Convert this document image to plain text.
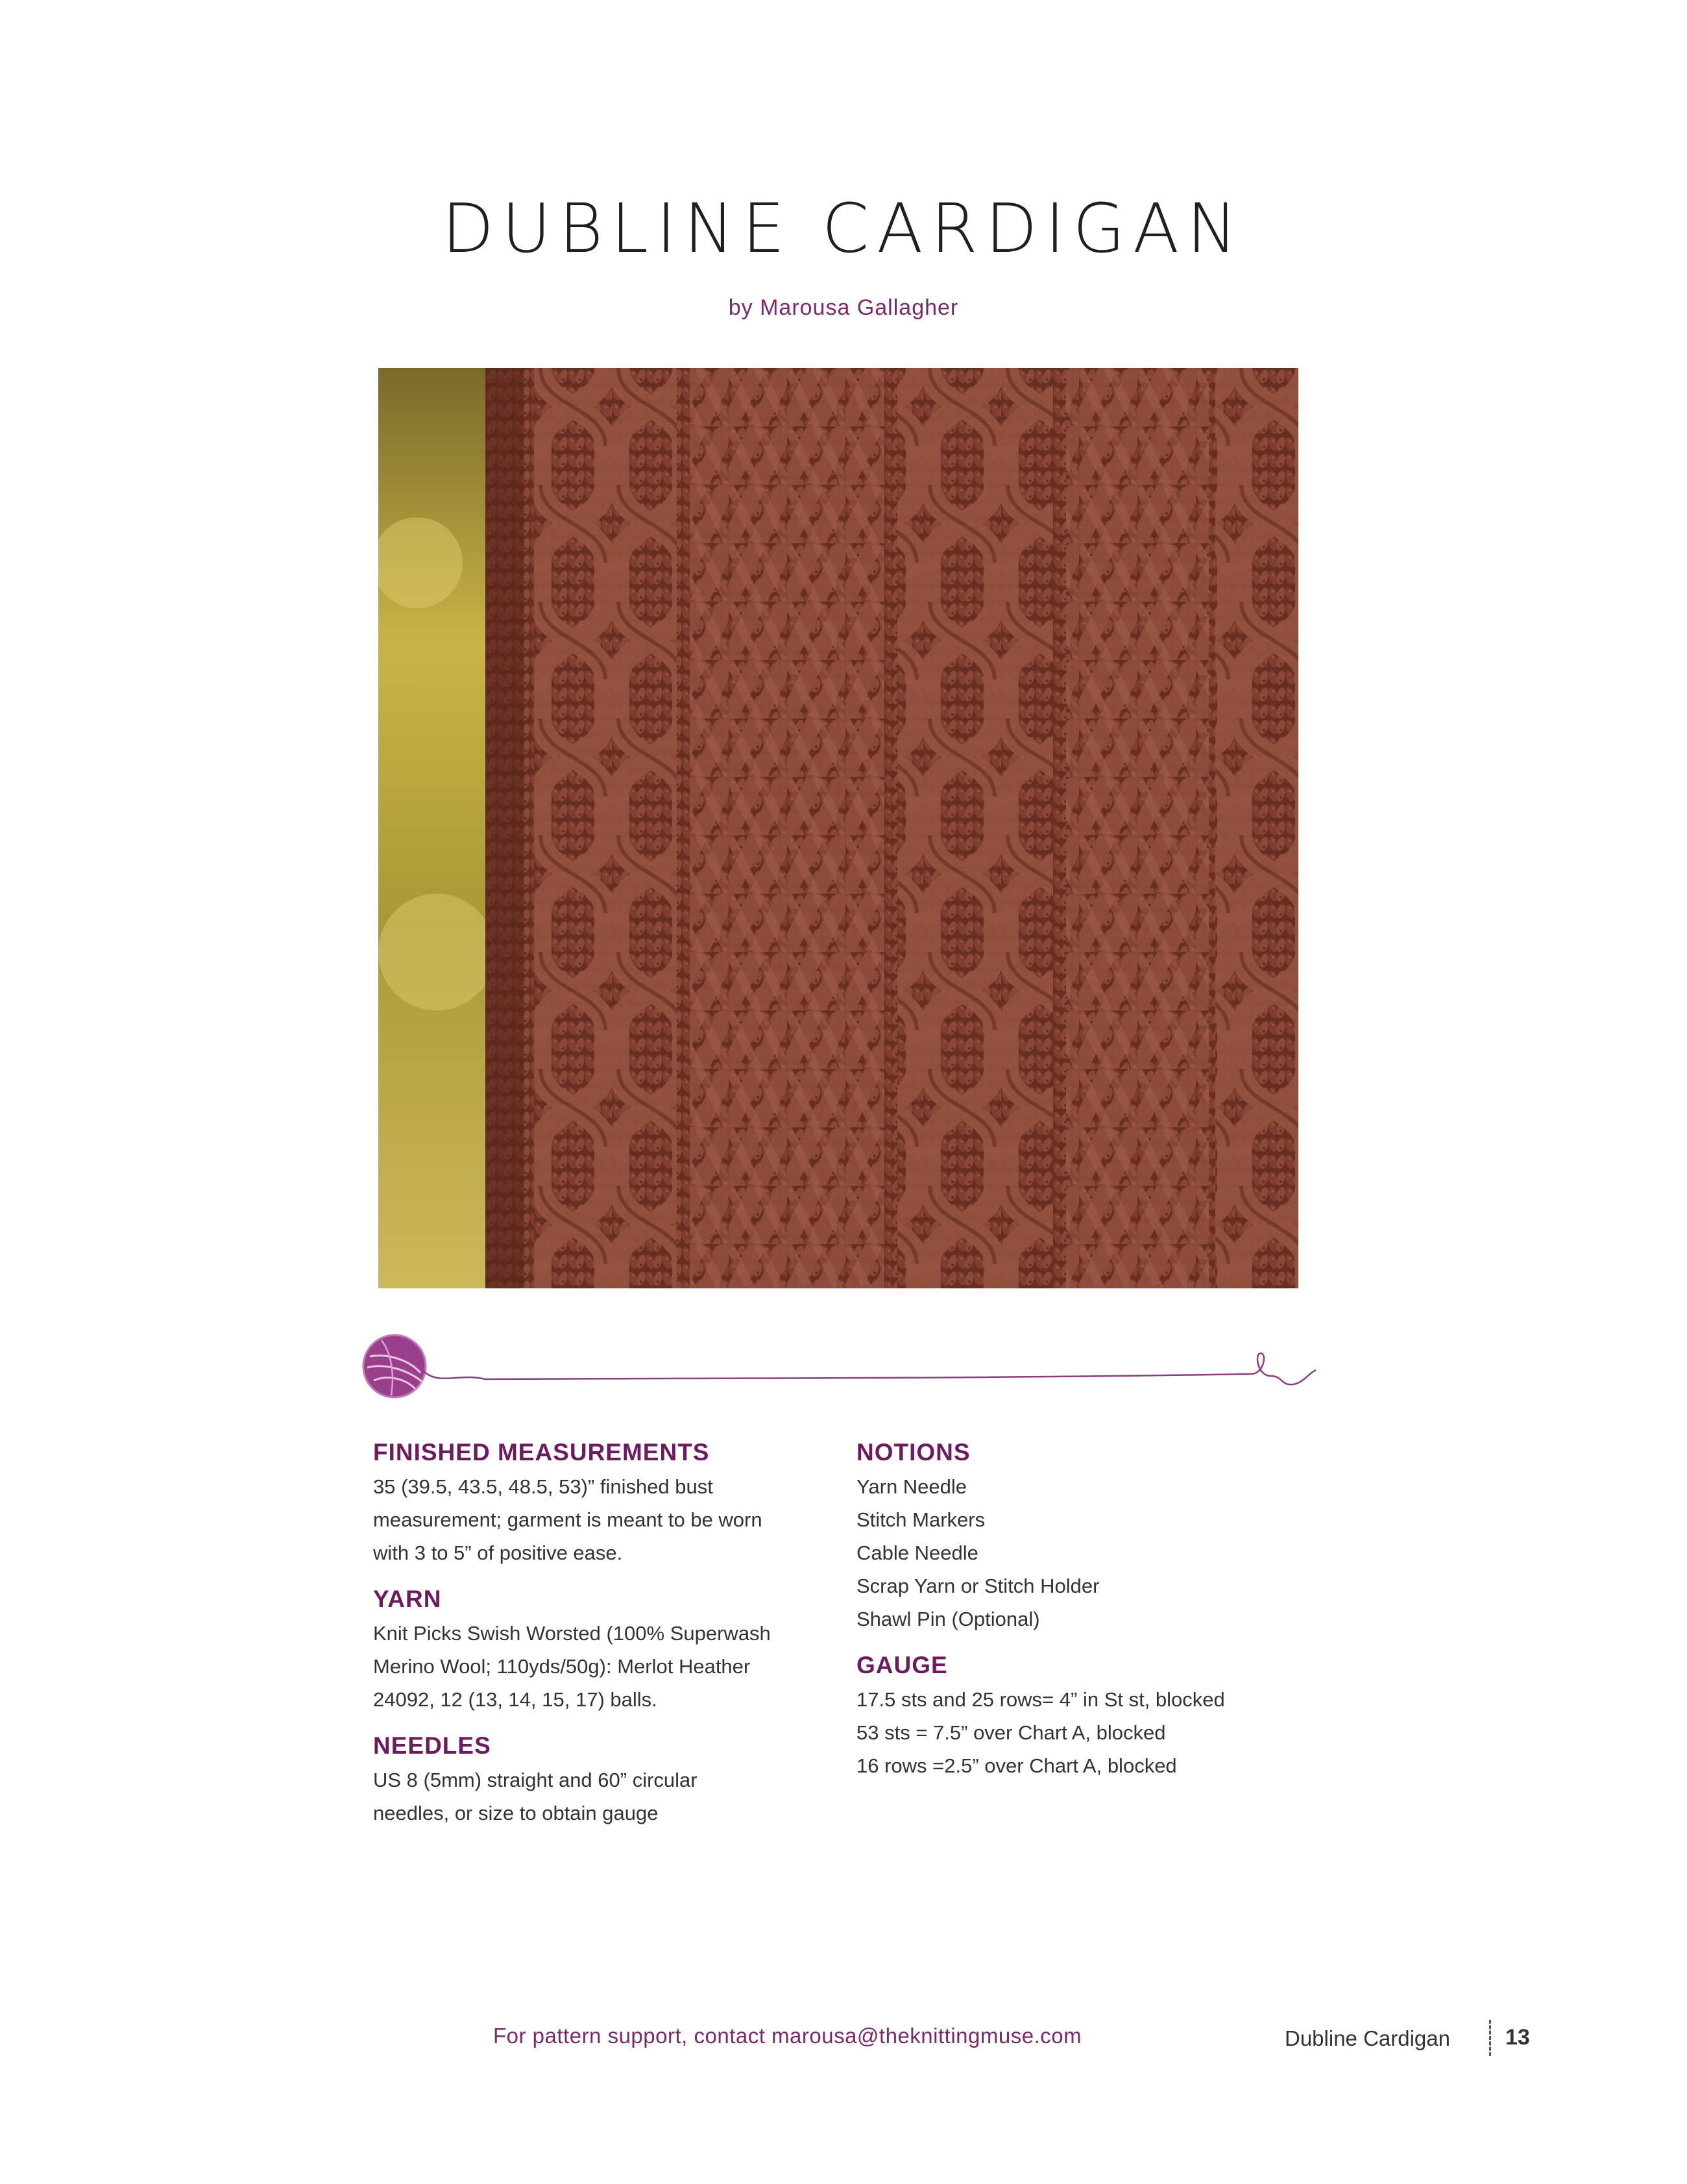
DUBLINE CARDIGAN
by Marousa Gallagher
FINISHED MEASUREMENTS
35 (39.5, 43.5, 48.5, 53)” finished bust
measurement; garment is meant to be worn
with 3 to 5” of positive ease.
YARN
Knit Picks Swish Worsted (100% Superwash
Merino Wool; 110yds/50g): Merlot Heather
24092, 12 (13, 14, 15, 17) balls.
NEEDLES
US 8 (5mm) straight and 60” circular
needles, or size to obtain gauge
NOTIONS
Yarn Needle
Stitch Markers
Cable Needle
Scrap Yarn or Stitch Holder
Shawl Pin (Optional)
GAUGE
17.5 sts and 25 rows= 4” in St st, blocked
53 sts = 7.5” over Chart A, blocked
16 rows =2.5” over Chart A, blocked
For pattern support, contact marousa@theknittingmuse.com	Dubline Cardigan	13
